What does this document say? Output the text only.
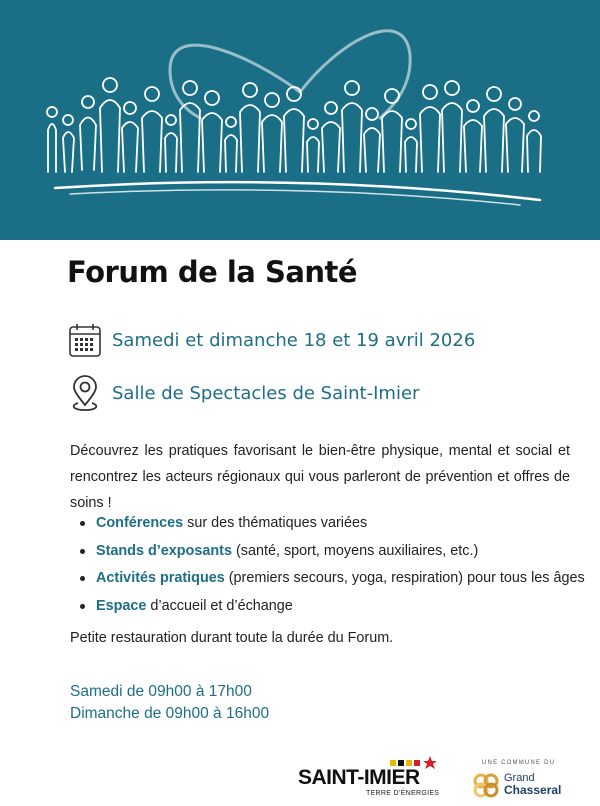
Forum de la Santé
Samedi et dimanche 18 et 19 avril 2026
Salle de Spectacles de Saint-Imier

Découvrez les pratiques favorisant le bien-être physique, mental et social et rencontrez les acteurs régionaux qui vous parleront de prévention et offres de soins !

Conférences sur des thématiques variées
Stands d’exposants (santé, sport, moyens auxiliaires, etc.)
Activités pratiques (premiers secours, yoga, respiration) pour tous les âges
Espace d’accueil et d’échange

Petite restauration durant toute la durée du Forum.

Samedi de 09h00 à 17h00
Dimanche de 09h00 à 16h00
SAINT-IMIER
TERRE D’ÉNERGIES
UNE COMMUNE DU
Grand
Chasseral
